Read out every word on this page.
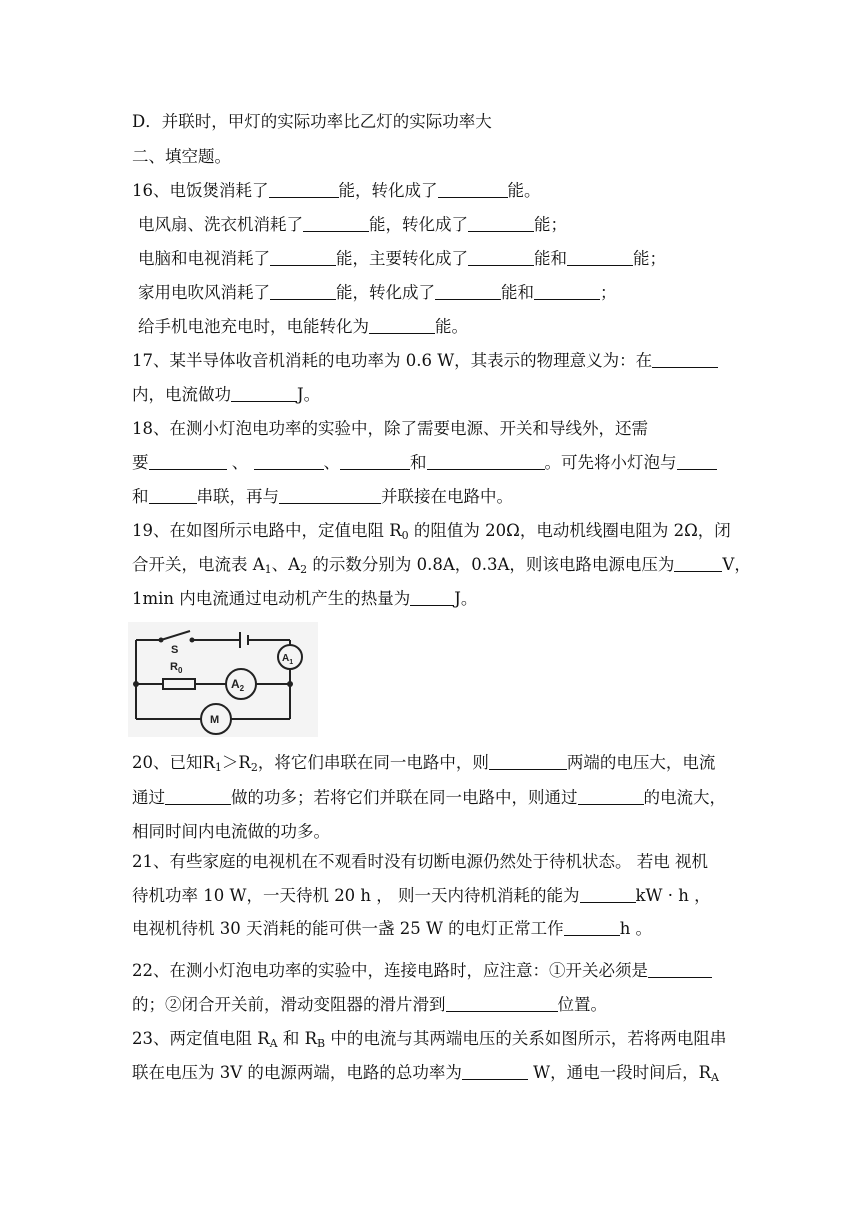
D．并联时，甲灯的实际功率比乙灯的实际功率大
二、填空题。
16、电饭煲消耗了	能，转化成了	能。
电风扇、洗衣机消耗了	能，转化成了	能；
电脑和电视消耗了	能，主要转化成了	能和	能；
家用电吹风消耗了	能，转化成了	能和	；
给手机电池充电时，电能转化为	能。
17、某半导体收音机消耗的电功率为 0.6 W，其表示的物理意义为：在
内，电流做功	J。
18、在测小灯泡电功率的实验中，除了需要电源、开关和导线外，还需
要	、	、	和	。可先将小灯泡与
和	串联，再与	并联接在电路中。
19、在如图所示电路中，定值电阻 $R_0$ 的阻值为 20Ω，电动机线圈电阻为 2Ω，闭
合开关，电流表 $A_1$、$A_2$ 的示数分别为 0.8A，0.3A，则该电路电源电压为	V，
1min 内电流通过电动机产生的热量为	J。
S
$R_0$
$A_1$
$A_2$
M
20、已知$R_1>R_2$，将它们串联在同一电路中，则	两端的电压大，电流
通过	做的功多；若将它们并联在同一电路中，则通过	的电流大，
相同时间内电流做的功多。
21、有些家庭的电视机在不观看时没有切断电源仍然处于待机状态。 若电 视机
待机功率 10 W，一天待机 20 h ， 则一天内待机消耗的能为	kW · h ，
电视机待机 30 天消耗的能可供一盏 25 W 的电灯正常工作	h 。
22、在测小灯泡电功率的实验中，连接电路时，应注意：①开关必须是
的；②闭合开关前，滑动变阻器的滑片滑到	位置。
23、两定值电阻 $R_A$ 和 $R_B$ 中的电流与其两端电压的关系如图所示，若将两电阻串
联在电压为 3V 的电源两端，电路的总功率为	W，通电一段时间后，$R_A$
